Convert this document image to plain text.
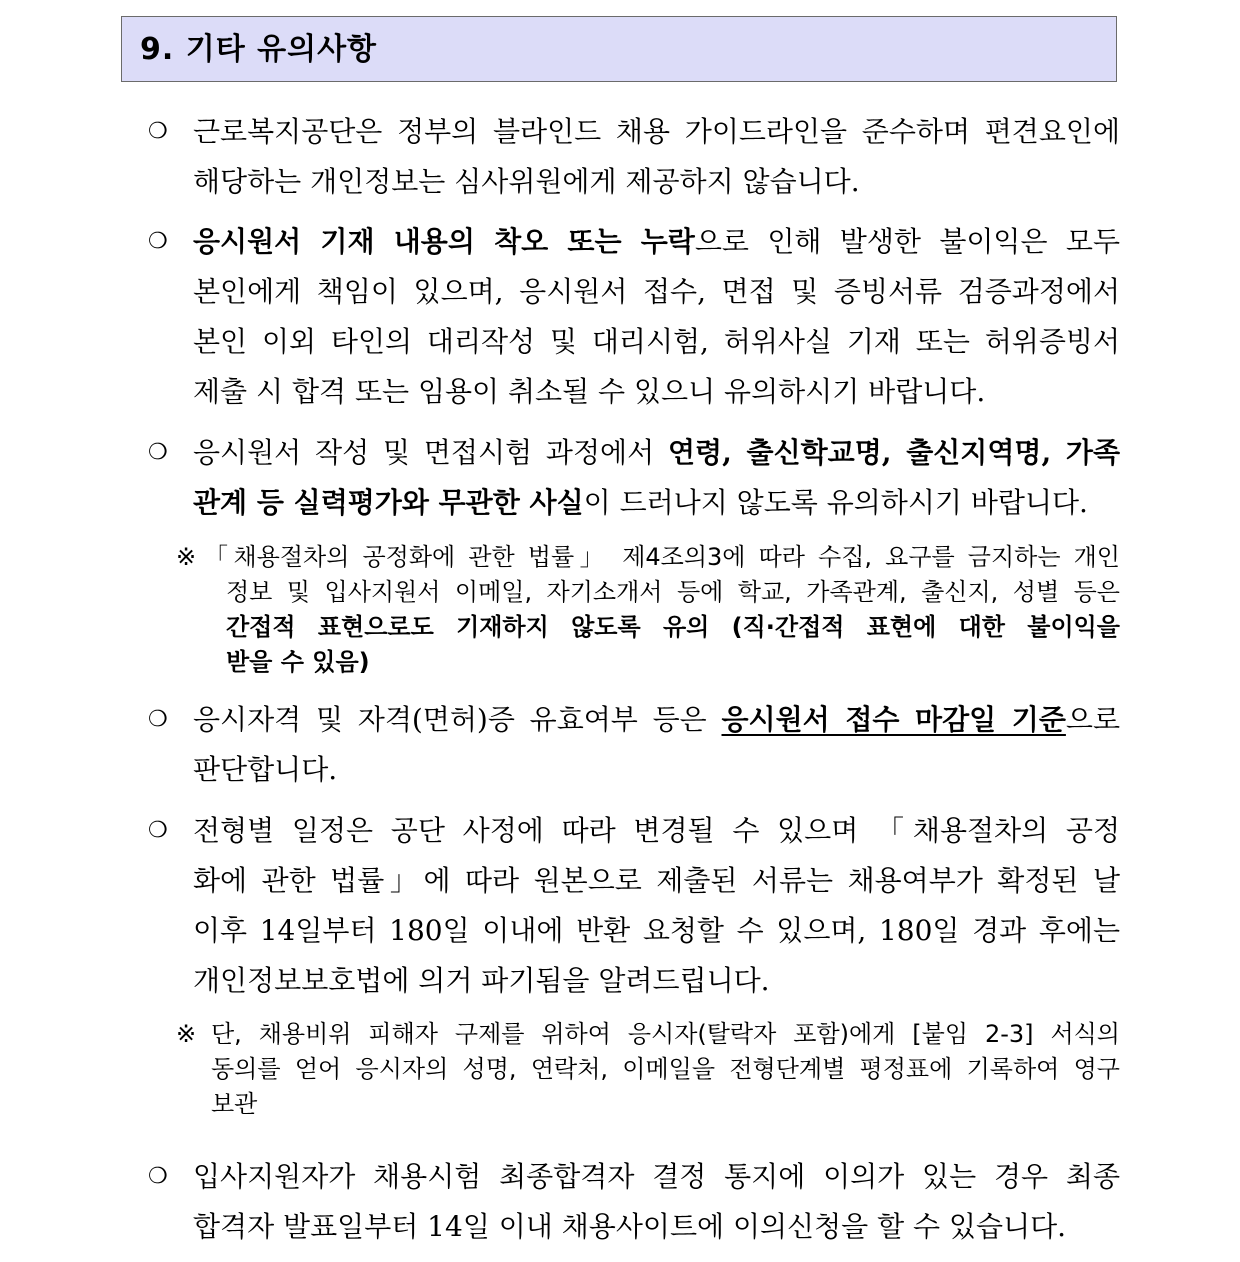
9. 기타 유의사항
❍ 근로복지공단은 정부의 블라인드 채용 가이드라인을 준수하며 편견요인에
해당하는 개인정보는 심사위원에게 제공하지 않습니다.
❍ 응시원서 기재 내용의 착오 또는 누락으로 인해 발생한 불이익은 모두
본인에게 책임이 있으며, 응시원서 접수, 면접 및 증빙서류 검증과정에서
본인 이외 타인의 대리작성 및 대리시험, 허위사실 기재 또는 허위증빙서
제출 시 합격 또는 임용이 취소될 수 있으니 유의하시기 바랍니다.
❍ 응시원서 작성 및 면접시험 과정에서 연령, 출신학교명, 출신지역명, 가족
관계 등 실력평가와 무관한 사실이 드러나지 않도록 유의하시기 바랍니다.
※ 「채용절차의 공정화에 관한 법률」 제4조의3에 따라 수집, 요구를 금지하는 개인
정보 및 입사지원서 이메일, 자기소개서 등에 학교, 가족관계, 출신지, 성별 등은
간접적 표현으로도 기재하지 않도록 유의 (직·간접적 표현에 대한 불이익을
받을 수 있음)
❍ 응시자격 및 자격(면허)증 유효여부 등은 응시원서 접수 마감일 기준으로
판단합니다.
❍ 전형별 일정은 공단 사정에 따라 변경될 수 있으며 「채용절차의 공정
화에 관한 법률」에 따라 원본으로 제출된 서류는 채용여부가 확정된 날
이후 14일부터 180일 이내에 반환 요청할 수 있으며, 180일 경과 후에는
개인정보보호법에 의거 파기됨을 알려드립니다.
※ 단, 채용비위 피해자 구제를 위하여 응시자(탈락자 포함)에게 [붙임 2-3] 서식의
동의를 얻어 응시자의 성명, 연락처, 이메일을 전형단계별 평정표에 기록하여 영구
보관
❍ 입사지원자가 채용시험 최종합격자 결정 통지에 이의가 있는 경우 최종
합격자 발표일부터 14일 이내 채용사이트에 이의신청을 할 수 있습니다.
